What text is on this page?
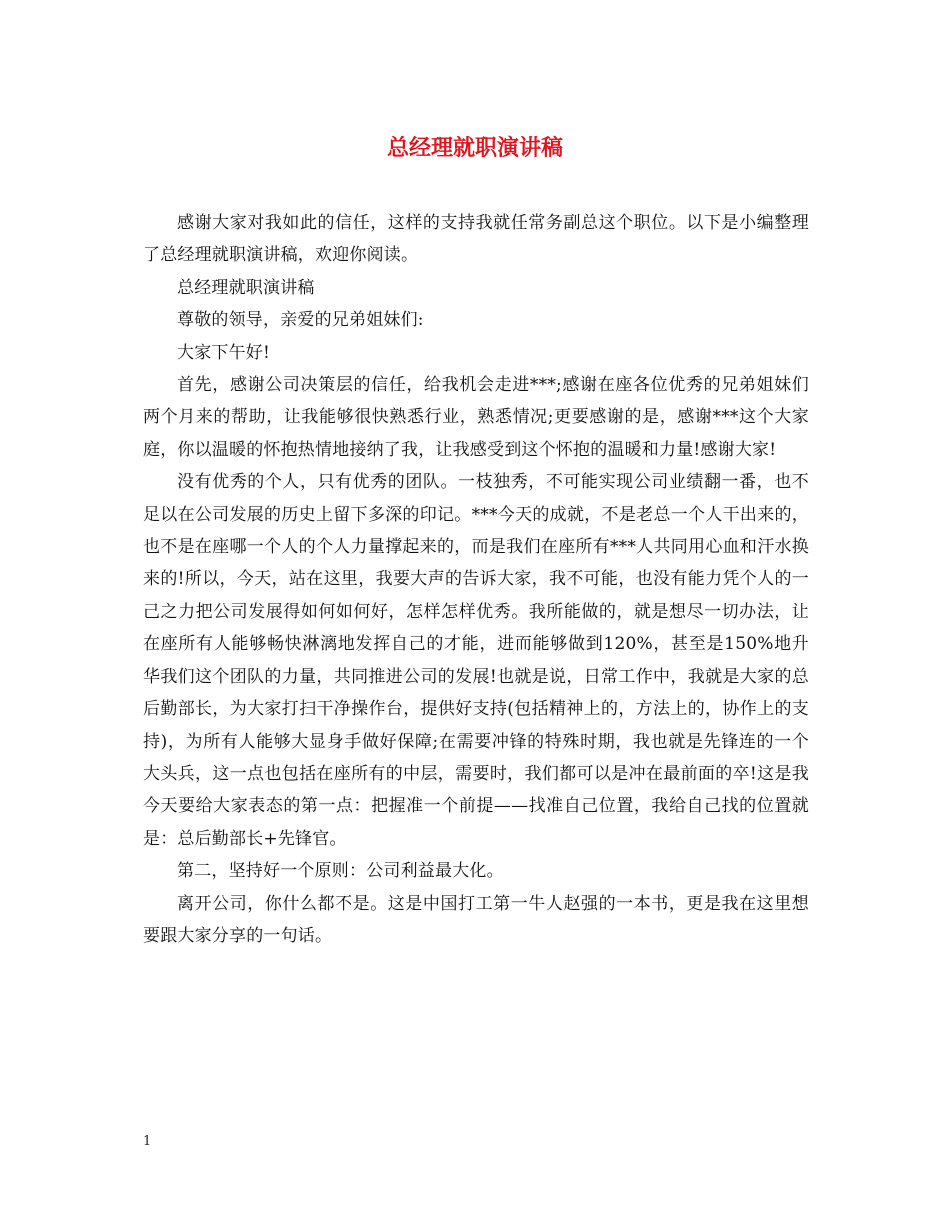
总经理就职演讲稿

感谢大家对我如此的信任，这样的支持我就任常务副总这个职位。以下是小编整理了总经理就职演讲稿，欢迎你阅读。

总经理就职演讲稿

尊敬的领导，亲爱的兄弟姐妹们:

大家下午好!

首先，感谢公司决策层的信任，给我机会走进***;感谢在座各位优秀的兄弟姐妹们两个月来的帮助，让我能够很快熟悉行业，熟悉情况;更要感谢的是，感谢***这个大家庭，你以温暖的怀抱热情地接纳了我，让我感受到这个怀抱的温暖和力量!感谢大家!

没有优秀的个人，只有优秀的团队。一枝独秀，不可能实现公司业绩翻一番，也不足以在公司发展的历史上留下多深的印记。***今天的成就，不是老总一个人干出来的，也不是在座哪一个人的个人力量撑起来的，而是我们在座所有***人共同用心血和汗水换来的!所以，今天，站在这里，我要大声的告诉大家，我不可能，也没有能力凭个人的一己之力把公司发展得如何如何好，怎样怎样优秀。我所能做的，就是想尽一切办法，让在座所有人能够畅快淋漓地发挥自己的才能，进而能够做到120%，甚至是150%地升华我们这个团队的力量，共同推进公司的发展!也就是说，日常工作中，我就是大家的总后勤部长，为大家打扫干净操作台，提供好支持(包括精神上的，方法上的，协作上的支持)，为所有人能够大显身手做好保障;在需要冲锋的特殊时期，我也就是先锋连的一个大头兵，这一点也包括在座所有的中层，需要时，我们都可以是冲在最前面的卒!这是我今天要给大家表态的第一点：把握准一个前提——找准自己位置，我给自己找的位置就是：总后勤部长+先锋官。

第二，坚持好一个原则：公司利益最大化。

离开公司，你什么都不是。这是中国打工第一牛人赵强的一本书，更是我在这里想要跟大家分享的一句话。

1
